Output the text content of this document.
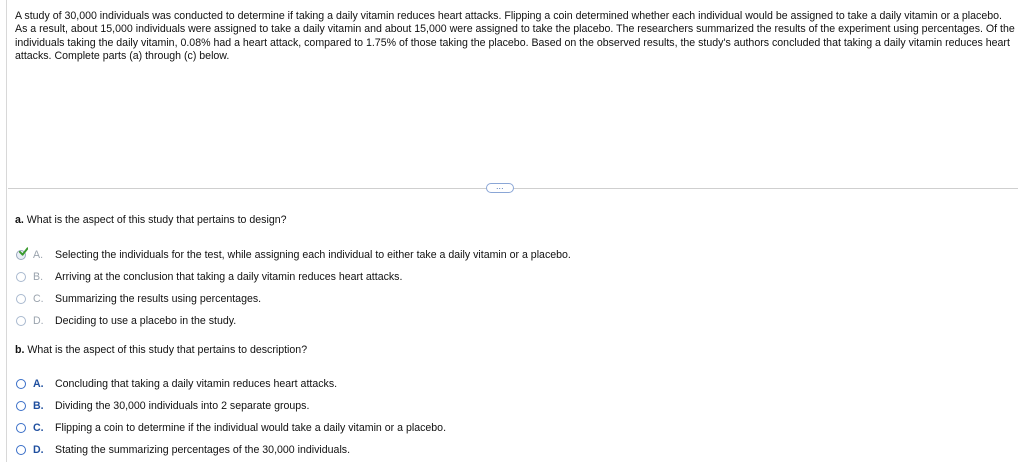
A study of 30,000 individuals was conducted to determine if taking a daily vitamin reduces heart attacks. Flipping a coin determined whether each individual would be assigned to take a daily vitamin or a placebo. As a result, about 15,000 individuals were assigned to take a daily vitamin and about 15,000 were assigned to take the placebo. The researchers summarized the results of the experiment using percentages. Of the individuals taking the daily vitamin, 0.08% had a heart attack, compared to 1.75% of those taking the placebo. Based on the observed results, the study's authors concluded that taking a daily vitamin reduces heart attacks. Complete parts (a) through (c) below.
…
a. What is the aspect of this study that pertains to design?
A.	Selecting the individuals for the test, while assigning each individual to either take a daily vitamin or a placebo.
B.	Arriving at the conclusion that taking a daily vitamin reduces heart attacks.
C.	Summarizing the results using percentages.
D.	Deciding to use a placebo in the study.
b. What is the aspect of this study that pertains to description?
A.	Concluding that taking a daily vitamin reduces heart attacks.
B.	Dividing the 30,000 individuals into 2 separate groups.
C.	Flipping a coin to determine if the individual would take a daily vitamin or a placebo.
D.	Stating the summarizing percentages of the 30,000 individuals.
